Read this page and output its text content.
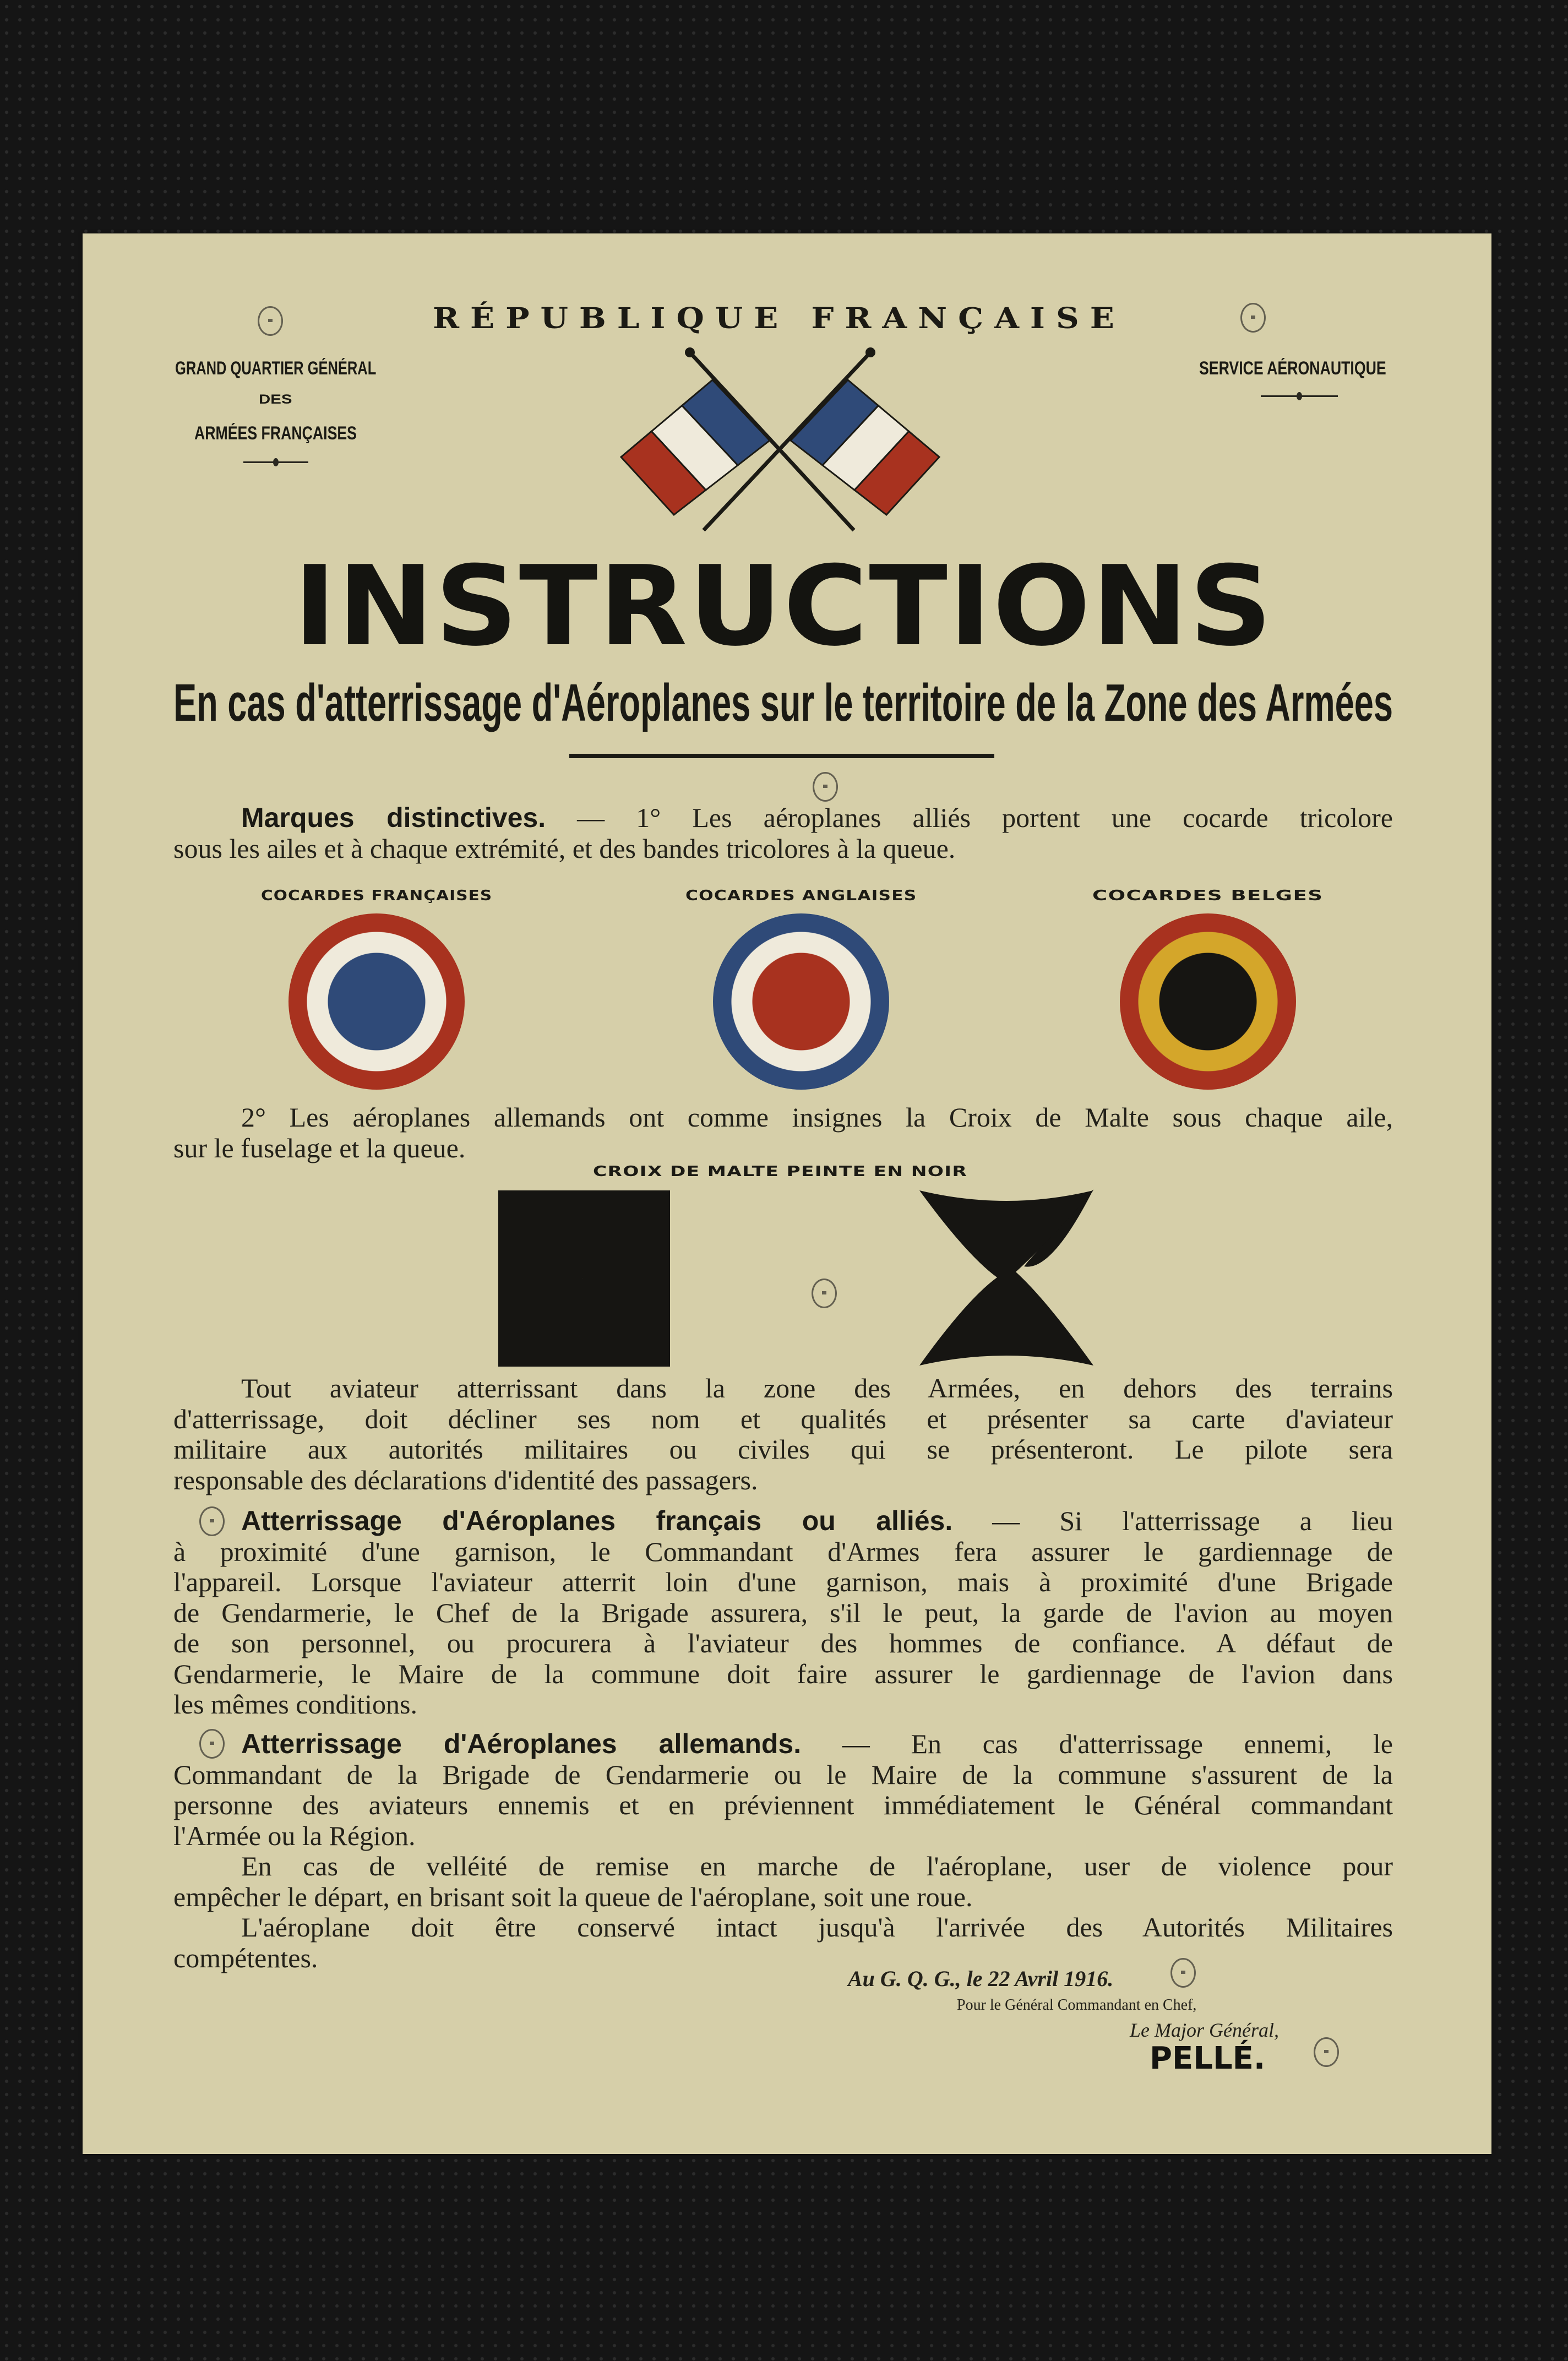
RÉPUBLIQUE FRANÇAISE
GRAND QUARTIER GÉNÉRAL
DES
ARMÉES FRANÇAISES
SERVICE AÉRONAUTIQUE
INSTRUCTIONS
En cas d'atterrissage d'Aéroplanes sur le territoire de la Zone des Armées
Marques distinctives. — 1° Les aéroplanes alliés portent une cocarde tricolore
sous les ailes et à chaque extrémité, et des bandes tricolores à la queue.
COCARDES FRANÇAISES	COCARDES ANGLAISES	COCARDES BELGES
2° Les aéroplanes allemands ont comme insignes la Croix de Malte sous chaque aile,
sur le fuselage et la queue.
CROIX DE MALTE PEINTE EN NOIR
Tout aviateur atterrissant dans la zone des Armées, en dehors des terrains
d'atterrissage, doit décliner ses nom et qualités et présenter sa carte d'aviateur
militaire aux autorités militaires ou civiles qui se présenteront. Le pilote sera
responsable des déclarations d'identité des passagers.
Atterrissage d'Aéroplanes français ou alliés. — Si l'atterrissage a lieu
à proximité d'une garnison, le Commandant d'Armes fera assurer le gardiennage de
l'appareil. Lorsque l'aviateur atterrit loin d'une garnison, mais à proximité d'une Brigade
de Gendarmerie, le Chef de la Brigade assurera, s'il le peut, la garde de l'avion au moyen
de son personnel, ou procurera à l'aviateur des hommes de confiance. A défaut de
Gendarmerie, le Maire de la commune doit faire assurer le gardiennage de l'avion dans
les mêmes conditions.
Atterrissage d'Aéroplanes allemands. — En cas d'atterrissage ennemi, le
Commandant de la Brigade de Gendarmerie ou le Maire de la commune s'assurent de la
personne des aviateurs ennemis et en préviennent immédiatement le Général commandant
l'Armée ou la Région.
En cas de velléité de remise en marche de l'aéroplane, user de violence pour
empêcher le départ, en brisant soit la queue de l'aéroplane, soit une roue.
L'aéroplane doit être conservé intact jusqu'à l'arrivée des Autorités Militaires
compétentes.
Au G. Q. G., le 22 Avril 1916.
Pour le Général Commandant en Chef,
Le Major Général,
PELLÉ.
